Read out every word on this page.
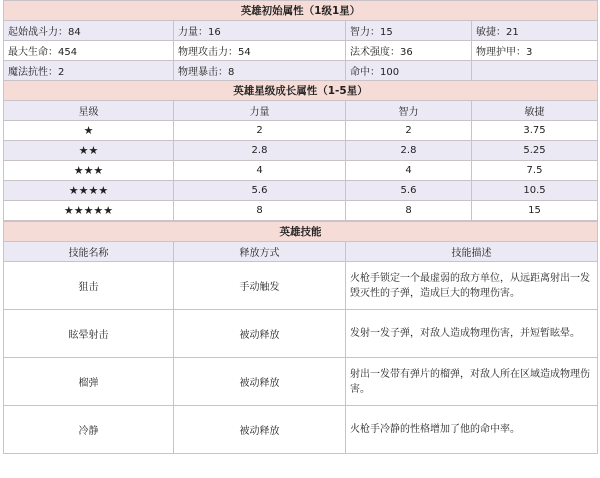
英雄初始属性（1级1星）			
起始战斗力：84	力量：16	智力：15	敏捷：21
最大生命：454	物理攻击力：54	法术强度：36	物理护甲：3
魔法抗性：2	物理暴击：8	命中：100	
英雄星级成长属性（1-5星）			
星级	力量	智力	敏捷
★	2	2	3.75
★★	2.8	2.8	5.25
★★★	4	4	7.5
★★★★	5.6	5.6	10.5
★★★★★	8	8	15
英雄技能		
技能名称	释放方式	技能描述
狙击	手动触发	火枪手锁定一个最虚弱的敌方单位，从远距离射出一发毁灭性的子弹，造成巨大的物理伤害。
眩晕射击	被动释放	发射一发子弹，对敌人造成物理伤害，并短暂眩晕。
榴弹	被动释放	射出一发带有弹片的榴弹，对敌人所在区域造成物理伤害。
冷静	被动释放	火枪手冷静的性格增加了他的命中率。
